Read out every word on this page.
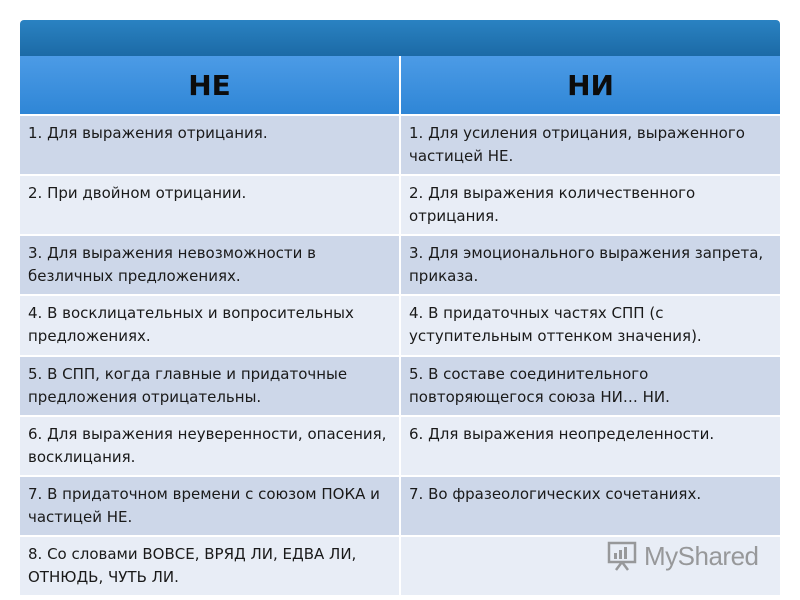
НЕ	НИ
1. Для выражения отрицания.	1. Для усиления отрицания, выраженного частицей НЕ.
2. При двойном отрицании.	2. Для выражения количественного отрицания.
3. Для выражения невозможности в безличных предложениях.	3. Для эмоционального выражения запрета, приказа.
4. В восклицательных и вопросительных предложениях.	4. В придаточных частях СПП (с уступительным оттенком значения).
5. В СПП, когда главные и придаточные предложения отрицательны.	5. В составе соединительного повторяющегося союза НИ… НИ.
6. Для выражения неуверенности, опасения, восклицания.	6. Для выражения неопределенности.
7. В придаточном времени с союзом ПОКА и частицей НЕ.	7. Во фразеологических сочетаниях.
8. Со словами ВОВСЕ, ВРЯД ЛИ, ЕДВА ЛИ, ОТНЮДЬ, ЧУТЬ ЛИ.	
MyShared
